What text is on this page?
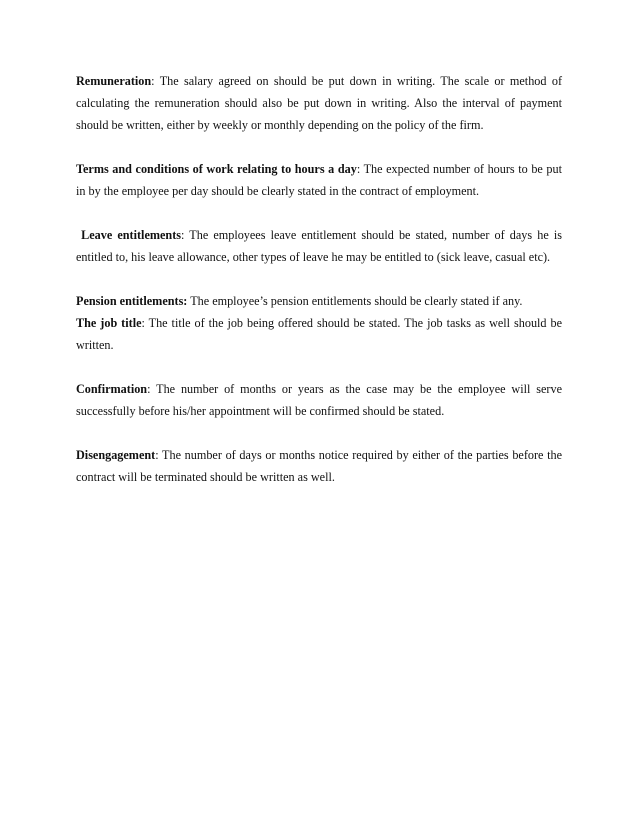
Remuneration: The salary agreed on should be put down in writing. The scale or method of calculating the remuneration should also be put down in writing. Also the interval of payment should be written, either by weekly or monthly depending on the policy of the firm.

Terms and conditions of work relating to hours a day: The expected number of hours to be put in by the employee per day should be clearly stated in the contract of employment.

Leave entitlements: The employees leave entitlement should be stated, number of days he is entitled to, his leave allowance, other types of leave he may be entitled to (sick leave, casual etc).

Pension entitlements: The employee’s pension entitlements should be clearly stated if any.

The job title: The title of the job being offered should be stated. The job tasks as well should be written.

Confirmation: The number of months or years as the case may be the employee will serve successfully before his/her appointment will be confirmed should be stated.

Disengagement: The number of days or months notice required by either of the parties before the contract will be terminated should be written as well.
